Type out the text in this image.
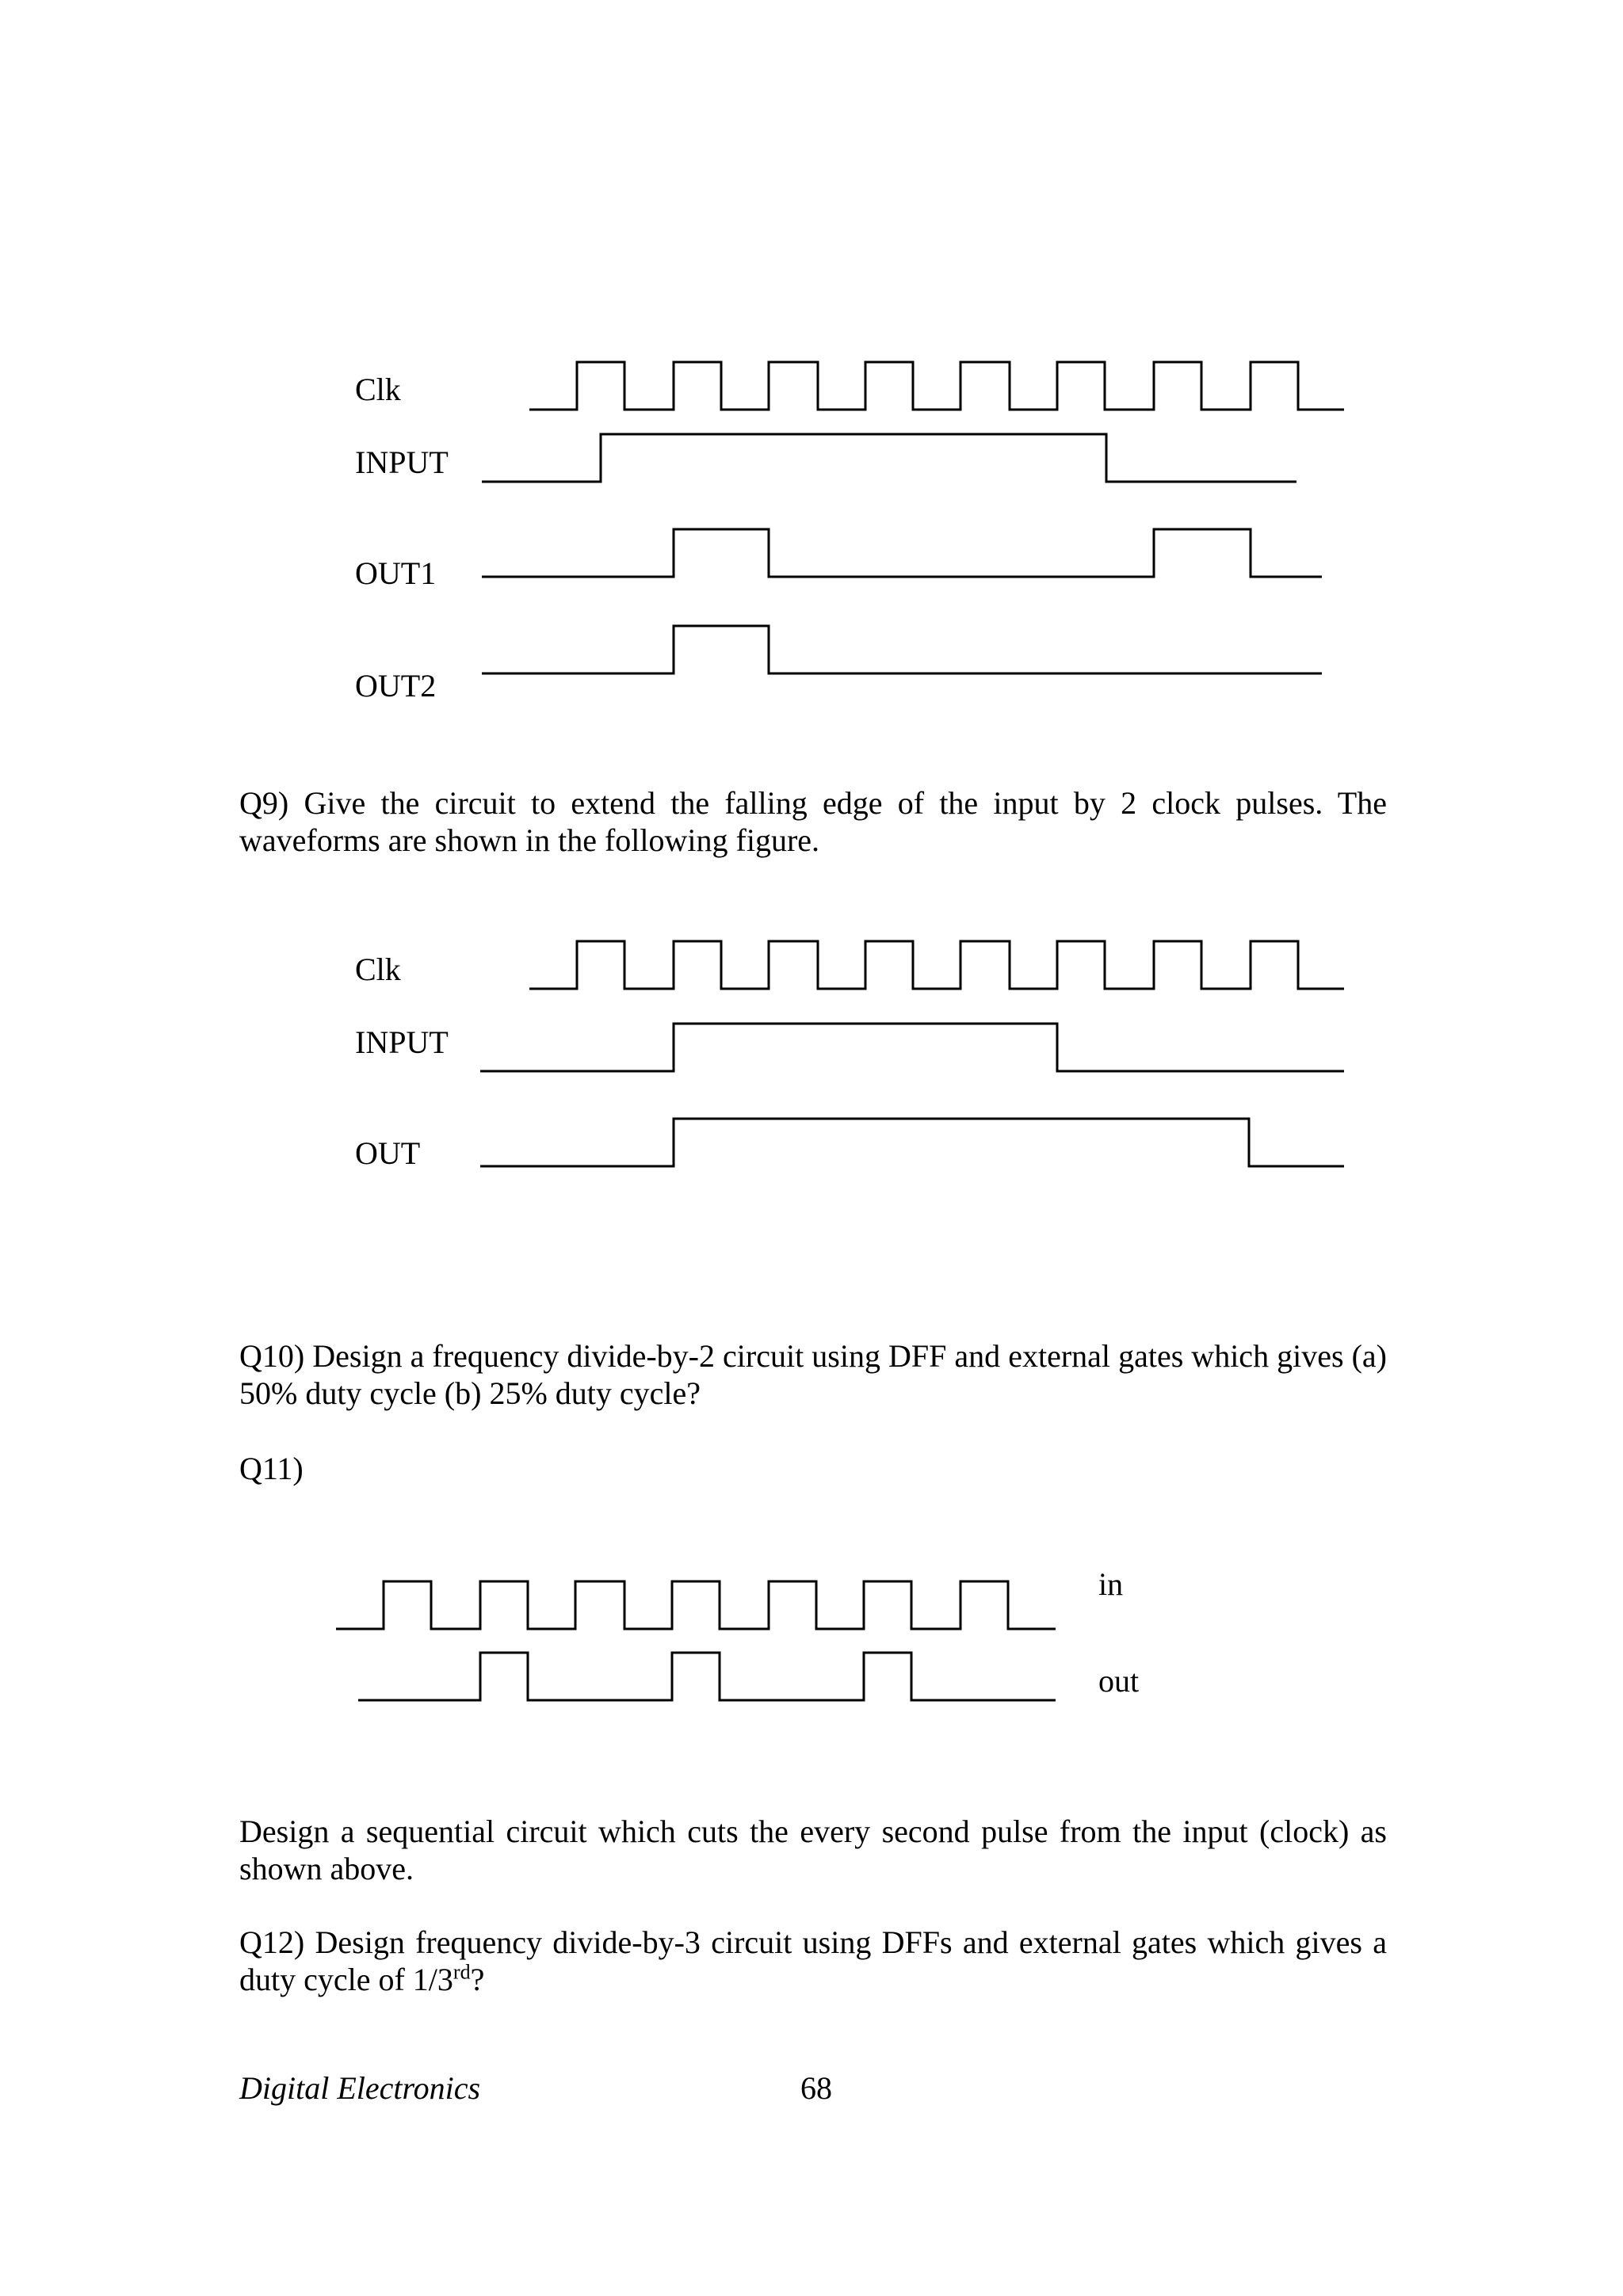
Clk
INPUT
OUT1
OUT2
Q9) Give the circuit to extend the falling edge of the input by 2 clock pulses. The waveforms are shown in the following figure.
Clk
INPUT
OUT
Q10) Design a frequency divide-by-2 circuit using DFF and external gates which gives (a) 50% duty cycle (b) 25% duty cycle?
Q11)
in
out
Design a sequential circuit which cuts the every second pulse from the input (clock) as shown above.
Q12) Design frequency divide-by-3 circuit using DFFs and external gates which gives a duty cycle of 1/3rd?
Digital Electronics	68
